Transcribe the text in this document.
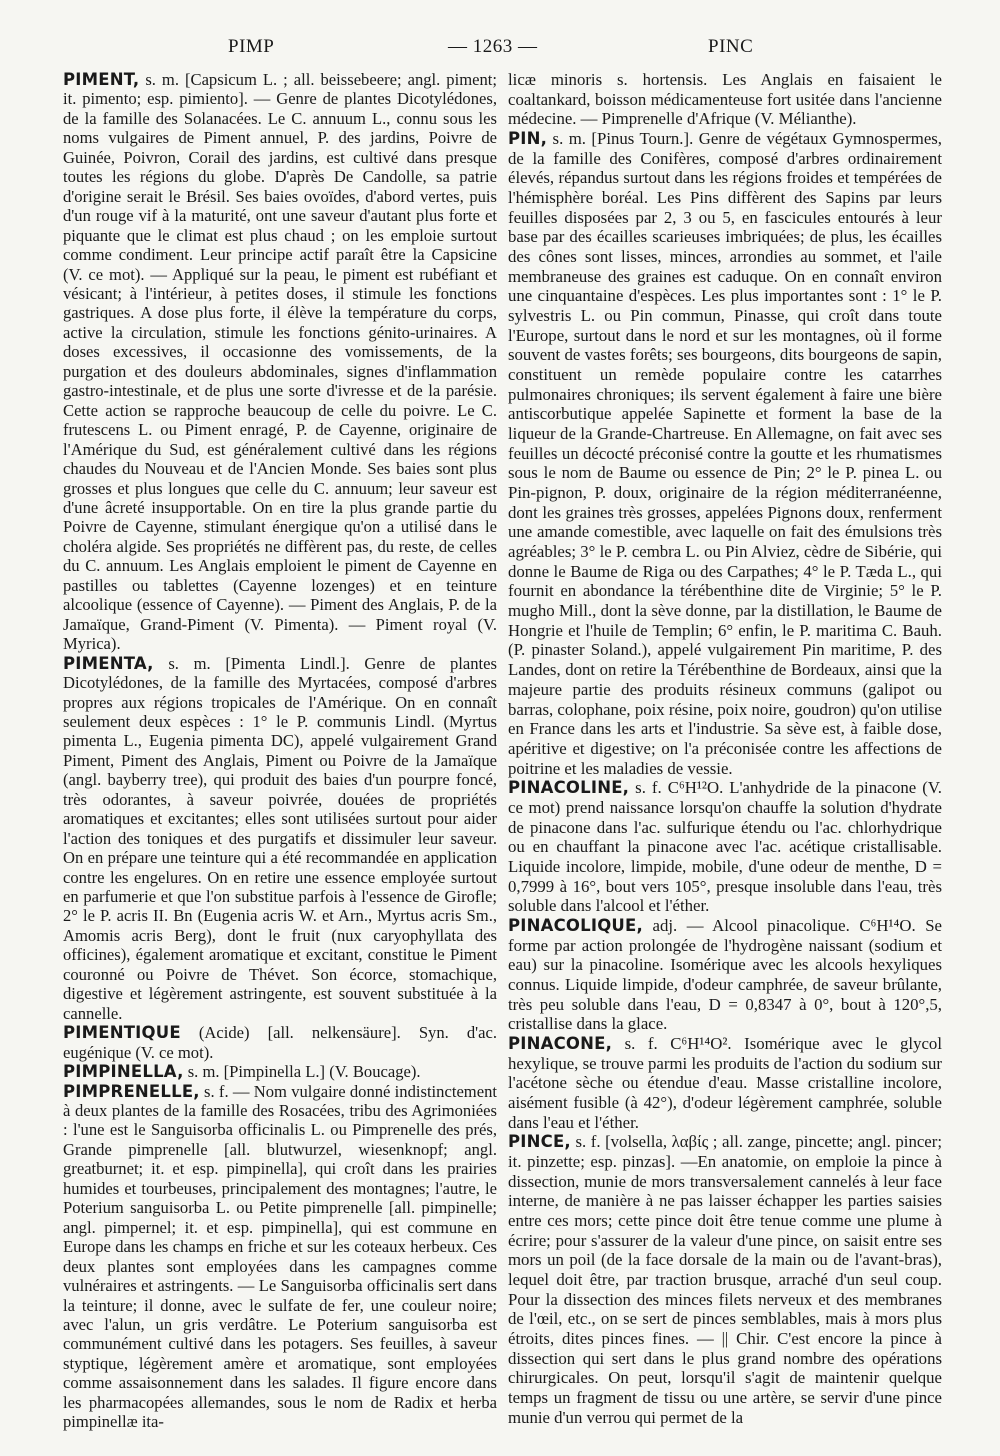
PIMP	— 1263 —	PINC

PIMENT, s. m. [Capsicum L. ; all. beissebeere; angl. piment; it. pimento; esp. pimiento]. — Genre de plantes Dicotylédones, de la famille des Solanacées. Le C. annuum L., connu sous les noms vulgaires de Piment annuel, P. des jardins, Poivre de Guinée, Poivron, Corail des jardins, est cultivé dans presque toutes les régions du globe. D'après De Candolle, sa patrie d'origine serait le Brésil. Ses baies ovoïdes, d'abord vertes, puis d'un rouge vif à la maturité, ont une saveur d'autant plus forte et piquante que le climat est plus chaud ; on les emploie surtout comme condiment. Leur principe actif paraît être la Capsicine (V. ce mot). — Appliqué sur la peau, le piment est rubéfiant et vésicant; à l'intérieur, à petites doses, il stimule les fonctions gastriques. A dose plus forte, il élève la température du corps, active la circulation, stimule les fonctions génito-urinaires. A doses excessives, il occasionne des vomissements, de la purgation et des douleurs abdominales, signes d'inflammation gastro-intestinale, et de plus une sorte d'ivresse et de la parésie. Cette action se rapproche beaucoup de celle du poivre. Le C. frutescens L. ou Piment enragé, P. de Cayenne, originaire de l'Amérique du Sud, est généralement cultivé dans les régions chaudes du Nouveau et de l'Ancien Monde. Ses baies sont plus grosses et plus longues que celle du C. annuum; leur saveur est d'une âcreté insupportable. On en tire la plus grande partie du Poivre de Cayenne, stimulant énergique qu'on a utilisé dans le choléra algide. Ses propriétés ne diffèrent pas, du reste, de celles du C. annuum. Les Anglais emploient le piment de Cayenne en pastilles ou tablettes (Cayenne lozenges) et en teinture alcoolique (essence of Cayenne). — Piment des Anglais, P. de la Jamaïque, Grand-Piment (V. Pimenta). — Piment royal (V. Myrica).

PIMENTA, s. m. [Pimenta Lindl.]. Genre de plantes Dicotylédones, de la famille des Myrtacées, composé d'arbres propres aux régions tropicales de l'Amérique. On en connaît seulement deux espèces : 1° le P. communis Lindl. (Myrtus pimenta L., Eugenia pimenta DC), appelé vulgairement Grand Piment, Piment des Anglais, Piment ou Poivre de la Jamaïque (angl. bayberry tree), qui produit des baies d'un pourpre foncé, très odorantes, à saveur poivrée, douées de propriétés aromatiques et excitantes; elles sont utilisées surtout pour aider l'action des toniques et des purgatifs et dissimuler leur saveur. On en prépare une teinture qui a été recommandée en application contre les engelures. On en retire une essence employée surtout en parfumerie et que l'on substitue parfois à l'essence de Girofle; 2° le P. acris II. Bn (Eugenia acris W. et Arn., Myrtus acris Sm., Amomis acris Berg), dont le fruit (nux caryophyllata des officines), également aromatique et excitant, constitue le Piment couronné ou Poivre de Thévet. Son écorce, stomachique, digestive et légèrement astringente, est souvent substituée à la cannelle.

PIMENTIQUE (Acide) [all. nelkensäure]. Syn. d'ac. eugénique (V. ce mot).

PIMPINELLA, s. m. [Pimpinella L.] (V. Boucage).

PIMPRENELLE, s. f. — Nom vulgaire donné indistinctement à deux plantes de la famille des Rosacées, tribu des Agrimoniées : l'une est le Sanguisorba officinalis L. ou Pimprenelle des prés, Grande pimprenelle [all. blutwurzel, wiesenknopf; angl. greatburnet; it. et esp. pimpinella], qui croît dans les prairies humides et tourbeuses, principalement des montagnes; l'autre, le Poterium sanguisorba L. ou Petite pimprenelle [all. pimpinelle; angl. pimpernel; it. et esp. pimpinella], qui est commune en Europe dans les champs en friche et sur les coteaux herbeux. Ces deux plantes sont employées dans les campagnes comme vulnéraires et astringents. — Le Sanguisorba officinalis sert dans la teinture; il donne, avec le sulfate de fer, une couleur noire; avec l'alun, un gris verdâtre. Le Poterium sanguisorba est communément cultivé dans les potagers. Ses feuilles, à saveur styptique, légèrement amère et aromatique, sont employées comme assaisonnement dans les salades. Il figure encore dans les pharmacopées allemandes, sous le nom de Radix et herba pimpinellæ ita-

licæ minoris s. hortensis. Les Anglais en faisaient le coaltankard, boisson médicamenteuse fort usitée dans l'ancienne médecine. — Pimprenelle d'Afrique (V. Mélianthe).

PIN, s. m. [Pinus Tourn.]. Genre de végétaux Gymnospermes, de la famille des Conifères, composé d'arbres ordinairement élevés, répandus surtout dans les régions froides et tempérées de l'hémisphère boréal. Les Pins diffèrent des Sapins par leurs feuilles disposées par 2, 3 ou 5, en fascicules entourés à leur base par des écailles scarieuses imbriquées; de plus, les écailles des cônes sont lisses, minces, arrondies au sommet, et l'aile membraneuse des graines est caduque. On en connaît environ une cinquantaine d'espèces. Les plus importantes sont : 1° le P. sylvestris L. ou Pin commun, Pinasse, qui croît dans toute l'Europe, surtout dans le nord et sur les montagnes, où il forme souvent de vastes forêts; ses bourgeons, dits bourgeons de sapin, constituent un remède populaire contre les catarrhes pulmonaires chroniques; ils servent également à faire une bière antiscorbutique appelée Sapinette et forment la base de la liqueur de la Grande-Chartreuse. En Allemagne, on fait avec ses feuilles un décocté préconisé contre la goutte et les rhumatismes sous le nom de Baume ou essence de Pin; 2° le P. pinea L. ou Pin-pignon, P. doux, originaire de la région méditerranéenne, dont les graines très grosses, appelées Pignons doux, renferment une amande comestible, avec laquelle on fait des émulsions très agréables; 3° le P. cembra L. ou Pin Alviez, cèdre de Sibérie, qui donne le Baume de Riga ou des Carpathes; 4° le P. Tæda L., qui fournit en abondance la térébenthine dite de Virginie; 5° le P. mugho Mill., dont la sève donne, par la distillation, le Baume de Hongrie et l'huile de Templin; 6° enfin, le P. maritima C. Bauh. (P. pinaster Soland.), appelé vulgairement Pin maritime, P. des Landes, dont on retire la Térébenthine de Bordeaux, ainsi que la majeure partie des produits résineux communs (galipot ou barras, colophane, poix résine, poix noire, goudron) qu'on utilise en France dans les arts et l'industrie. Sa sève est, à faible dose, apéritive et digestive; on l'a préconisée contre les affections de poitrine et les maladies de vessie.

PINACOLINE, s. f. C⁶H¹²O. L'anhydride de la pinacone (V. ce mot) prend naissance lorsqu'on chauffe la solution d'hydrate de pinacone dans l'ac. sulfurique étendu ou l'ac. chlorhydrique ou en chauffant la pinacone avec l'ac. acétique cristallisable. Liquide incolore, limpide, mobile, d'une odeur de menthe, D = 0,7999 à 16°, bout vers 105°, presque insoluble dans l'eau, très soluble dans l'alcool et l'éther.

PINACOLIQUE, adj. — Alcool pinacolique. C⁶H¹⁴O. Se forme par action prolongée de l'hydrogène naissant (sodium et eau) sur la pinacoline. Isomérique avec les alcools hexyliques connus. Liquide limpide, d'odeur camphrée, de saveur brûlante, très peu soluble dans l'eau, D = 0,8347 à 0°, bout à 120°,5, cristallise dans la glace.

PINACONE, s. f. C⁶H¹⁴O². Isomérique avec le glycol hexylique, se trouve parmi les produits de l'action du sodium sur l'acétone sèche ou étendue d'eau. Masse cristalline incolore, aisément fusible (à 42°), d'odeur légèrement camphrée, soluble dans l'eau et l'éther.

PINCE, s. f. [volsella, λαβίς ; all. zange, pincette; angl. pincer; it. pinzette; esp. pinzas]. —En anatomie, on emploie la pince à dissection, munie de mors transversalement cannelés à leur face interne, de manière à ne pas laisser échapper les parties saisies entre ces mors; cette pince doit être tenue comme une plume à écrire; pour s'assurer de la valeur d'une pince, on saisit entre ses mors un poil (de la face dorsale de la main ou de l'avant-bras), lequel doit être, par traction brusque, arraché d'un seul coup. Pour la dissection des minces filets nerveux et des membranes de l'œil, etc., on se sert de pinces semblables, mais à mors plus étroits, dites pinces fines. — || Chir. C'est encore la pince à dissection qui sert dans le plus grand nombre des opérations chirurgicales. On peut, lorsqu'il s'agit de maintenir quelque temps un fragment de tissu ou une artère, se servir d'une pince munie d'un verrou qui permet de la
